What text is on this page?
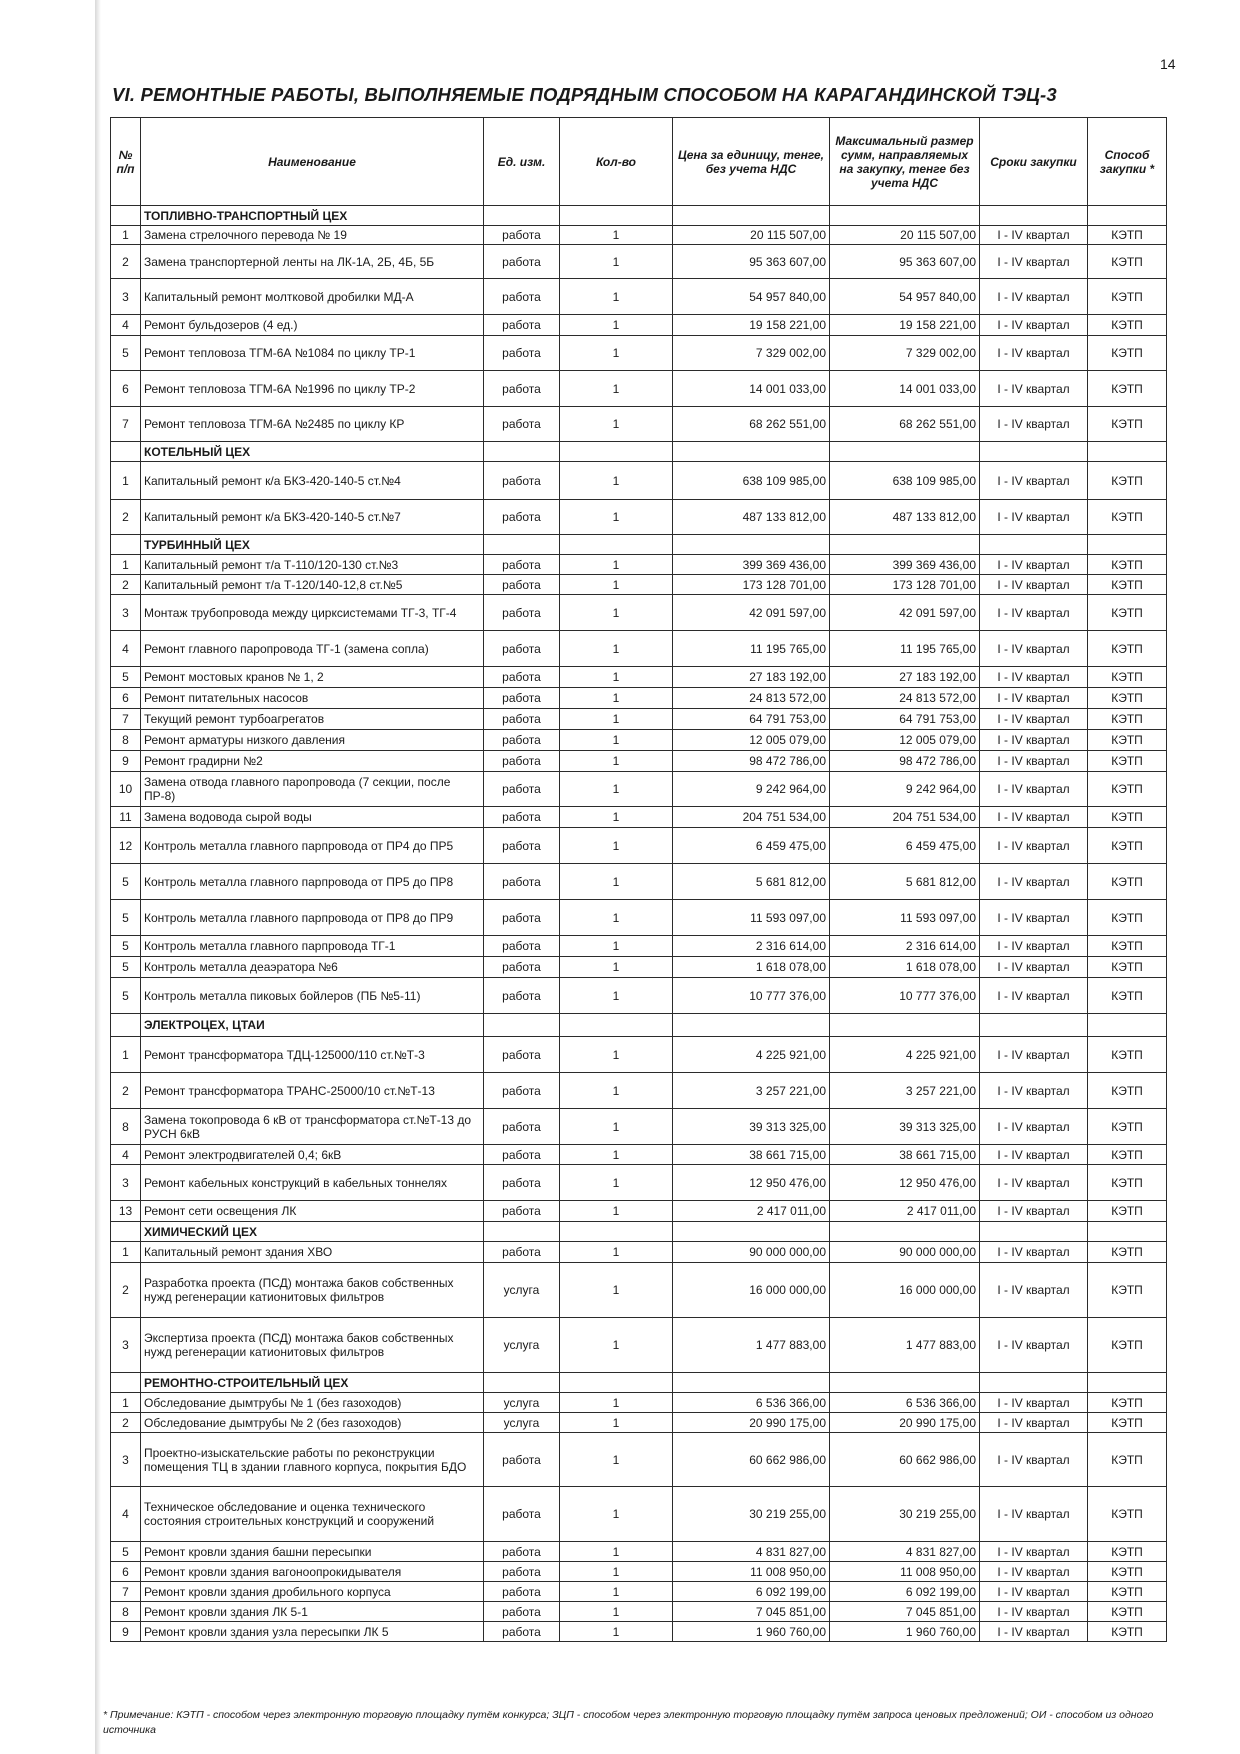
14
VI. РЕМОНТНЫЕ РАБОТЫ, ВЫПОЛНЯЕМЫЕ ПОДРЯДНЫМ СПОСОБОМ НА КАРАГАНДИНСКОЙ ТЭЦ-3
№ п/п	Наименование	Ед. изм.	Кол-во	Цена за единицу, тенге, без учета НДС	Максимальный размер сумм, направляемых на закупку, тенге без учета НДС	Сроки закупки	Способ закупки *
	ТОПЛИВНО-ТРАНСПОРТНЫЙ ЦЕХ						
1	Замена стрелочного перевода № 19	работа	1	20 115 507,00	20 115 507,00	I - IV квартал	КЭТП
2	Замена транспортерной ленты на ЛК-1А, 2Б, 4Б, 5Б	работа	1	95 363 607,00	95 363 607,00	I - IV квартал	КЭТП
3	Капитальный ремонт молтковой дробилки МД-А	работа	1	54 957 840,00	54 957 840,00	I - IV квартал	КЭТП
4	Ремонт бульдозеров (4 ед.)	работа	1	19 158 221,00	19 158 221,00	I - IV квартал	КЭТП
5	Ремонт тепловоза ТГМ-6А №1084 по циклу ТР-1	работа	1	7 329 002,00	7 329 002,00	I - IV квартал	КЭТП
6	Ремонт тепловоза ТГМ-6А №1996 по циклу ТР-2	работа	1	14 001 033,00	14 001 033,00	I - IV квартал	КЭТП
7	Ремонт тепловоза ТГМ-6А №2485 по циклу КР	работа	1	68 262 551,00	68 262 551,00	I - IV квартал	КЭТП
	КОТЕЛЬНЫЙ ЦЕХ						
1	Капитальный ремонт к/а БКЗ-420-140-5 ст.№4	работа	1	638 109 985,00	638 109 985,00	I - IV квартал	КЭТП
2	Капитальный ремонт к/а БКЗ-420-140-5 ст.№7	работа	1	487 133 812,00	487 133 812,00	I - IV квартал	КЭТП
	ТУРБИННЫЙ ЦЕХ						
1	Капитальный ремонт т/а Т-110/120-130 ст.№3	работа	1	399 369 436,00	399 369 436,00	I - IV квартал	КЭТП
2	Капитальный ремонт т/а Т-120/140-12,8 ст.№5	работа	1	173 128 701,00	173 128 701,00	I - IV квартал	КЭТП
3	Монтаж трубопровода между цирксистемами ТГ-3, ТГ-4	работа	1	42 091 597,00	42 091 597,00	I - IV квартал	КЭТП
4	Ремонт главного паропровода ТГ-1 (замена сопла)	работа	1	11 195 765,00	11 195 765,00	I - IV квартал	КЭТП
5	Ремонт мостовых кранов № 1, 2	работа	1	27 183 192,00	27 183 192,00	I - IV квартал	КЭТП
6	Ремонт питательных насосов	работа	1	24 813 572,00	24 813 572,00	I - IV квартал	КЭТП
7	Текущий ремонт турбоагрегатов	работа	1	64 791 753,00	64 791 753,00	I - IV квартал	КЭТП
8	Ремонт арматуры низкого давления	работа	1	12 005 079,00	12 005 079,00	I - IV квартал	КЭТП
9	Ремонт градирни №2	работа	1	98 472 786,00	98 472 786,00	I - IV квартал	КЭТП
10	Замена отвода главного паропровода (7 секции, после ПР-8)	работа	1	9 242 964,00	9 242 964,00	I - IV квартал	КЭТП
11	Замена водовода сырой воды	работа	1	204 751 534,00	204 751 534,00	I - IV квартал	КЭТП
12	Контроль металла главного парпровода от ПР4 до ПР5	работа	1	6 459 475,00	6 459 475,00	I - IV квартал	КЭТП
5	Контроль металла главного парпровода от ПР5 до ПР8	работа	1	5 681 812,00	5 681 812,00	I - IV квартал	КЭТП
5	Контроль металла главного парпровода от ПР8 до ПР9	работа	1	11 593 097,00	11 593 097,00	I - IV квартал	КЭТП
5	Контроль металла главного парпровода ТГ-1	работа	1	2 316 614,00	2 316 614,00	I - IV квартал	КЭТП
5	Контроль металла деаэратора №6	работа	1	1 618 078,00	1 618 078,00	I - IV квартал	КЭТП
5	Контроль металла пиковых бойлеров (ПБ №5-11)	работа	1	10 777 376,00	10 777 376,00	I - IV квартал	КЭТП
	ЭЛЕКТРОЦЕХ, ЦТАИ						
1	Ремонт трансформатора ТДЦ-125000/110 ст.№Т-3	работа	1	4 225 921,00	4 225 921,00	I - IV квартал	КЭТП
2	Ремонт трансформатора ТРАНС-25000/10 ст.№Т-13	работа	1	3 257 221,00	3 257 221,00	I - IV квартал	КЭТП
8	Замена токопровода 6 кВ от трансформатора ст.№Т-13 до РУСН 6кВ	работа	1	39 313 325,00	39 313 325,00	I - IV квартал	КЭТП
4	Ремонт электродвигателей 0,4; 6кВ	работа	1	38 661 715,00	38 661 715,00	I - IV квартал	КЭТП
3	Ремонт кабельных конструкций в кабельных тоннелях	работа	1	12 950 476,00	12 950 476,00	I - IV квартал	КЭТП
13	Ремонт сети освещения ЛК	работа	1	2 417 011,00	2 417 011,00	I - IV квартал	КЭТП
	ХИМИЧЕСКИЙ ЦЕХ						
1	Капитальный ремонт здания ХВО	работа	1	90 000 000,00	90 000 000,00	I - IV квартал	КЭТП
2	Разработка проекта (ПСД) монтажа баков собственных нужд регенерации катионитовых фильтров	услуга	1	16 000 000,00	16 000 000,00	I - IV квартал	КЭТП
3	Экспертиза проекта (ПСД) монтажа баков собственных нужд регенерации катионитовых фильтров	услуга	1	1 477 883,00	1 477 883,00	I - IV квартал	КЭТП
	РЕМОНТНО-СТРОИТЕЛЬНЫЙ ЦЕХ						
1	Обследование дымтрубы № 1 (без газоходов)	услуга	1	6 536 366,00	6 536 366,00	I - IV квартал	КЭТП
2	Обследование дымтрубы № 2 (без газоходов)	услуга	1	20 990 175,00	20 990 175,00	I - IV квартал	КЭТП
3	Проектно-изыскательские работы по реконструкции помещения ТЦ в здании главного корпуса, покрытия БДО	работа	1	60 662 986,00	60 662 986,00	I - IV квартал	КЭТП
4	Техническое обследование и оценка технического состояния строительных конструкций и сооружений	работа	1	30 219 255,00	30 219 255,00	I - IV квартал	КЭТП
5	Ремонт кровли здания башни пересыпки	работа	1	4 831 827,00	4 831 827,00	I - IV квартал	КЭТП
6	Ремонт кровли здания вагоноопрокидывателя	работа	1	11 008 950,00	11 008 950,00	I - IV квартал	КЭТП
7	Ремонт кровли здания дробильного корпуса	работа	1	6 092 199,00	6 092 199,00	I - IV квартал	КЭТП
8	Ремонт кровли здания ЛК 5-1	работа	1	7 045 851,00	7 045 851,00	I - IV квартал	КЭТП
9	Ремонт кровли здания узла пересыпки ЛК 5	работа	1	1 960 760,00	1 960 760,00	I - IV квартал	КЭТП
* Примечание: КЭТП - способом через электронную торговую площадку путём конкурса; ЗЦП - способом через электронную торговую площадку путём запроса ценовых предложений; ОИ - способом из одного источника
